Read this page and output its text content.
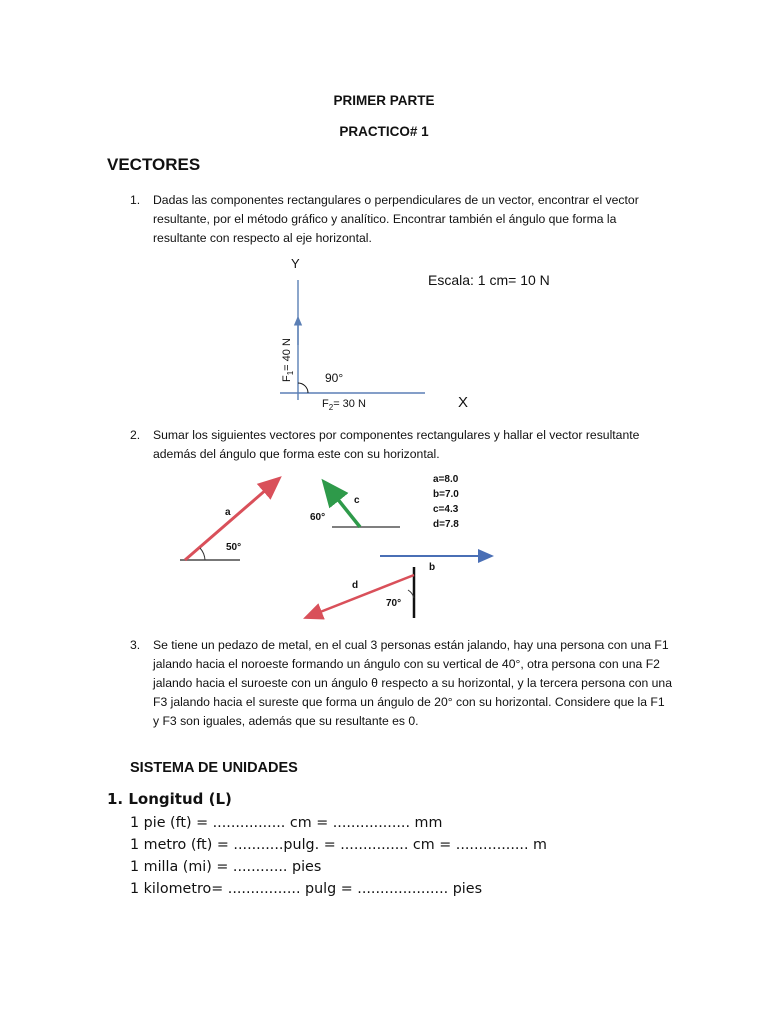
PRIMER PARTE
PRACTICO# 1
VECTORES
1. Dadas las componentes rectangulares o perpendiculares de un vector, encontrar el vector resultante, por el método gráfico y analítico. Encontrar también el ángulo que forma la resultante con respecto al eje horizontal.
Y
Escala: 1 cm= 10 N
90°
X
$F_1= 40$ N
$F_2= 30$ N
2. Sumar los siguientes vectores por componentes rectangulares y hallar el vector resultante además del ángulo que forma este con su horizontal.
a
50°
c
60°
a=8.0
b=7.0
c=4.3
d=7.8
b
d
70°
3. Se tiene un pedazo de metal, en el cual 3 personas están jalando, hay una persona con una F1 jalando hacia el noroeste formando un ángulo con su vertical de 40°, otra persona con una F2 jalando hacia el suroeste con un ángulo θ respecto a su horizontal, y la tercera persona con una F3 jalando hacia el sureste que forma un ángulo de 20° con su horizontal. Considere que la F1 y F3 son iguales, además que su resultante es 0.
SISTEMA DE UNIDADES
1. Longitud (L)
1 pie (ft) = ................ cm = ................. mm
1 metro (ft) = ...........pulg. = ............... cm = ................ m
1 milla (mi) = ............ pies
1 kilometro= ................ pulg = .................... pies
